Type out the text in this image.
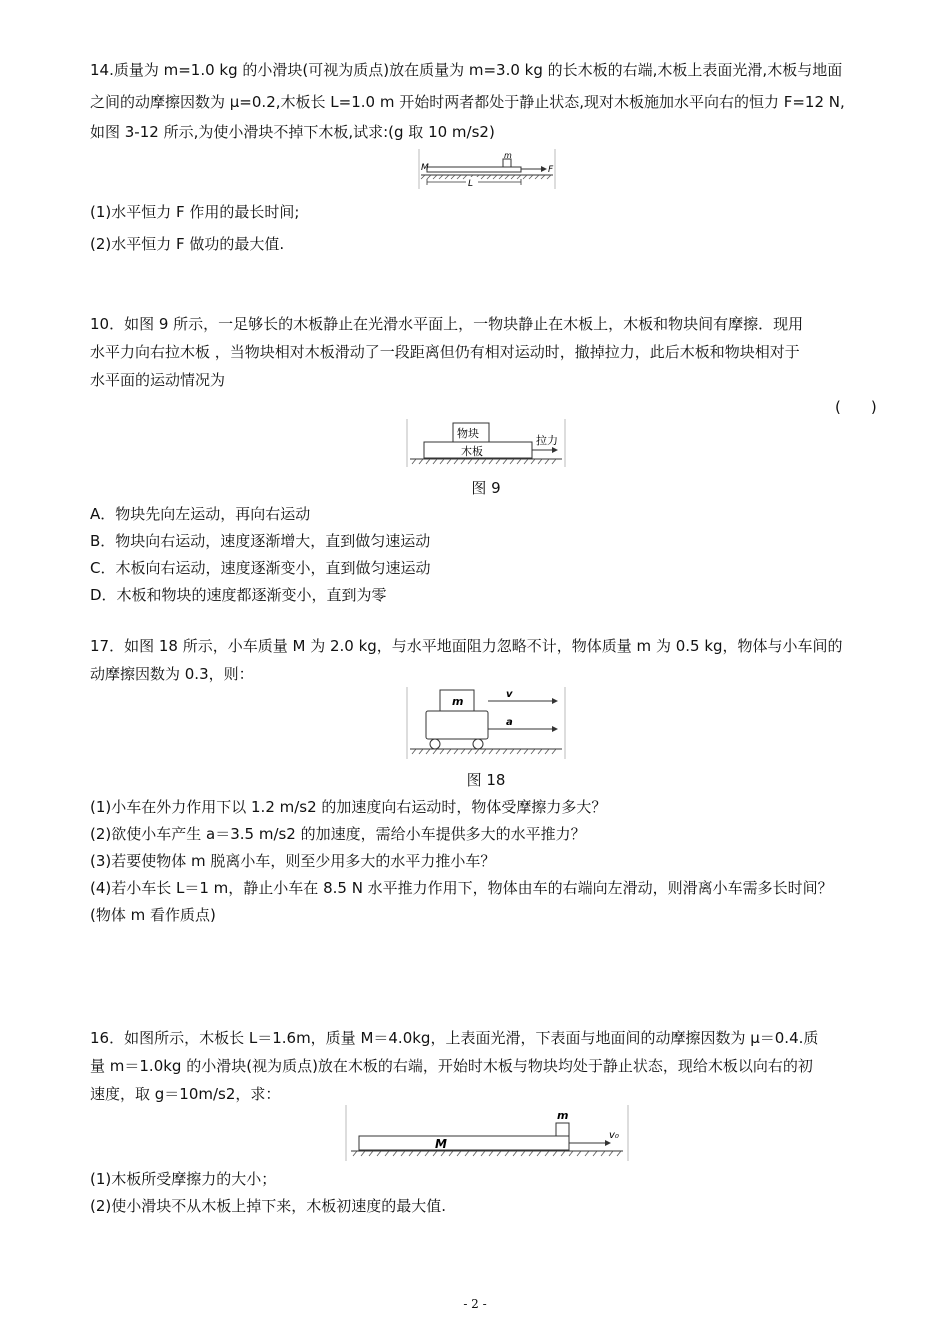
14.质量为 m=1.0 kg 的小滑块(可视为质点)放在质量为 m=3.0 kg 的长木板的右端,木板上表面光滑,木板与地面
之间的动摩擦因数为 μ=0.2,木板长 L=1.0 m 开始时两者都处于静止状态,现对木板施加水平向右的恒力 F=12 N,
如图 3-12 所示,为使小滑块不掉下木板,试求:(g 取 10 m/s2)
M
m
F
L
(1)水平恒力 F 作用的最长时间;
(2)水平恒力 F 做功的最大值.
10．如图 9 所示，一足够长的木板静止在光滑水平面上，一物块静止在木板上，木板和物块间有摩擦．现用
水平力向右拉木板 ，当物块相对木板滑动了一段距离但仍有相对运动时，撤掉拉力，此后木板和物块相对于
水平面的运动情况为
(　　)
物块
木板
拉力
图 9
A．物块先向左运动，再向右运动
B．物块向右运动，速度逐渐增大，直到做匀速运动
C．木板向右运动，速度逐渐变小，直到做匀速运动
D．木板和物块的速度都逐渐变小，直到为零
17．如图 18 所示，小车质量 M 为 2.0 kg，与水平地面阻力忽略不计，物体质量 m 为 0.5 kg，物体与小车间的
动摩擦因数为 0.3，则：
m
v
a
图 18
(1)小车在外力作用下以 1.2 m/s2 的加速度向右运动时，物体受摩擦力多大？
(2)欲使小车产生 a＝3.5 m/s2 的加速度，需给小车提供多大的水平推力？
(3)若要使物体 m 脱离小车，则至少用多大的水平力推小车？
(4)若小车长 L＝1 m，静止小车在 8.5 N 水平推力作用下，物体由车的右端向左滑动，则滑离小车需多长时间？
(物体 m 看作质点)
16．如图所示，木板长 L＝1.6m，质量 M＝4.0kg，上表面光滑，下表面与地面间的动摩擦因数为 μ＝0.4.质
量 m＝1.0kg 的小滑块(视为质点)放在木板的右端，开始时木板与物块均处于静止状态，现给木板以向右的初
速度，取 g＝10m/s2，求：
M
m
v₀
(1)木板所受摩擦力的大小；
(2)使小滑块不从木板上掉下来，木板初速度的最大值.
- 2 -
